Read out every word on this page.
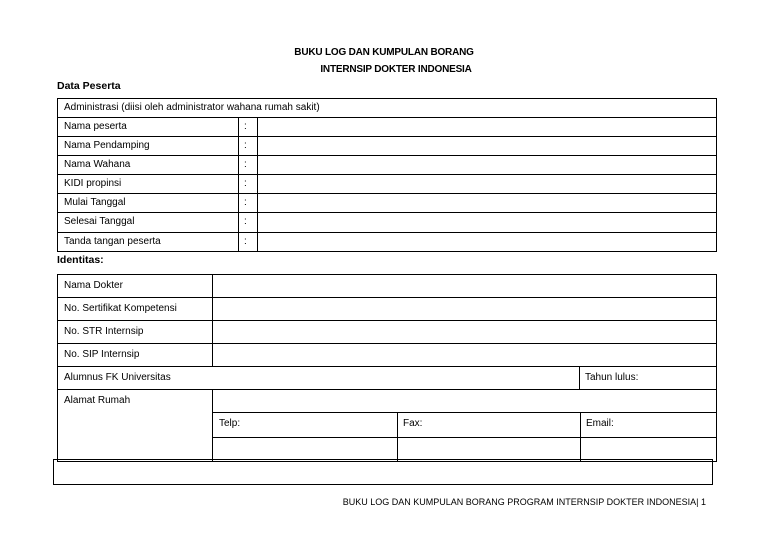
BUKU LOG DAN KUMPULAN BORANG
INTERNSIP DOKTER INDONESIA
Data Peserta
Administrasi (diisi oleh administrator wahana rumah sakit)
Nama peserta	:
Nama Pendamping	:
Nama Wahana	:
KIDI propinsi	:
Mulai Tanggal	:
Selesai Tanggal	:
Tanda tangan peserta	:
Identitas:
Nama Dokter
No. Sertifikat Kompetensi
No. STR Internsip
No. SIP Internsip
Alumnus FK Universitas	Tahun lulus:
Alamat Rumah
Telp:	Fax:	Email:
BUKU LOG DAN KUMPULAN BORANG PROGRAM INTERNSIP DOKTER INDONESIA| 1
